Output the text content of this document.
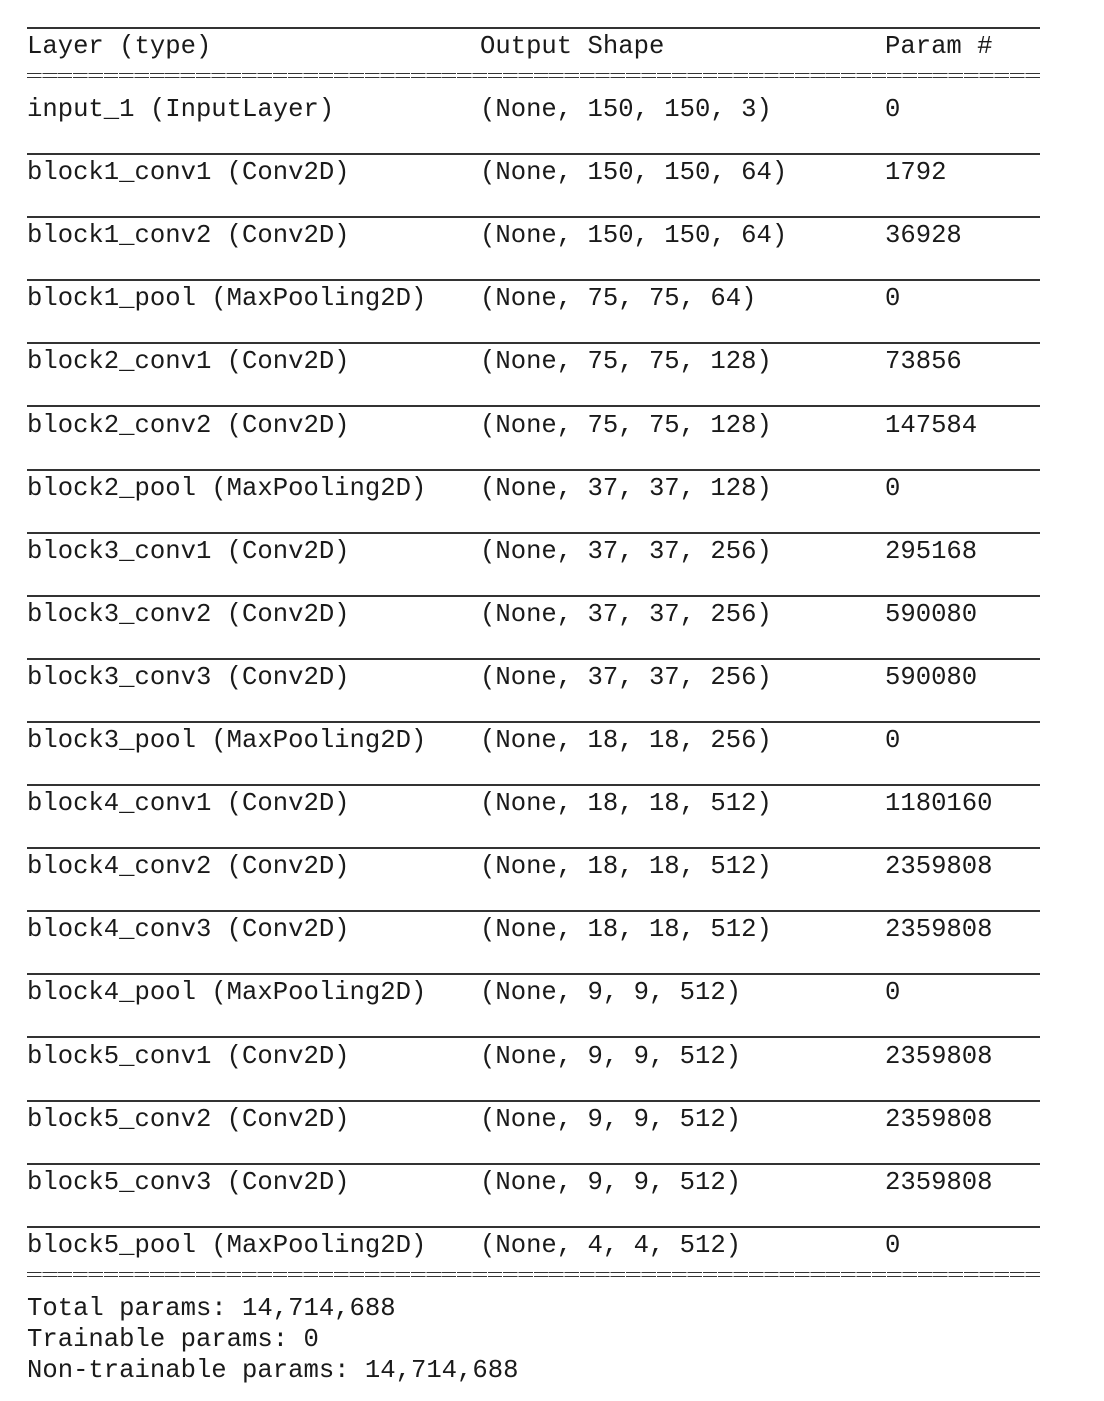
Layer (type)	Output Shape	Param #
input_1 (InputLayer)	(None, 150, 150, 3)	0
block1_conv1 (Conv2D)	(None, 150, 150, 64)	1792
block1_conv2 (Conv2D)	(None, 150, 150, 64)	36928
block1_pool (MaxPooling2D) (None, 75, 75, 64)	0
block2_conv1 (Conv2D)	(None, 75, 75, 128)	73856
block2_conv2 (Conv2D)	(None, 75, 75, 128)	147584
block2_pool (MaxPooling2D) (None, 37, 37, 128)	0
block3_conv1 (Conv2D)	(None, 37, 37, 256)	295168
block3_conv2 (Conv2D)	(None, 37, 37, 256)	590080
block3_conv3 (Conv2D)	(None, 37, 37, 256)	590080
block3_pool (MaxPooling2D) (None, 18, 18, 256)	0
block4_conv1 (Conv2D)	(None, 18, 18, 512)	1180160
block4_conv2 (Conv2D)	(None, 18, 18, 512)	2359808
block4_conv3 (Conv2D)	(None, 18, 18, 512)	2359808
block4_pool (MaxPooling2D) (None, 9, 9, 512)	0
block5_conv1 (Conv2D)	(None, 9, 9, 512)	2359808
block5_conv2 (Conv2D)	(None, 9, 9, 512)	2359808
block5_conv3 (Conv2D)	(None, 9, 9, 512)	2359808
block5_pool (MaxPooling2D) (None, 4, 4, 512)	0
Total params: 14,714,688
Trainable params: 0
Non-trainable params: 14,714,688
